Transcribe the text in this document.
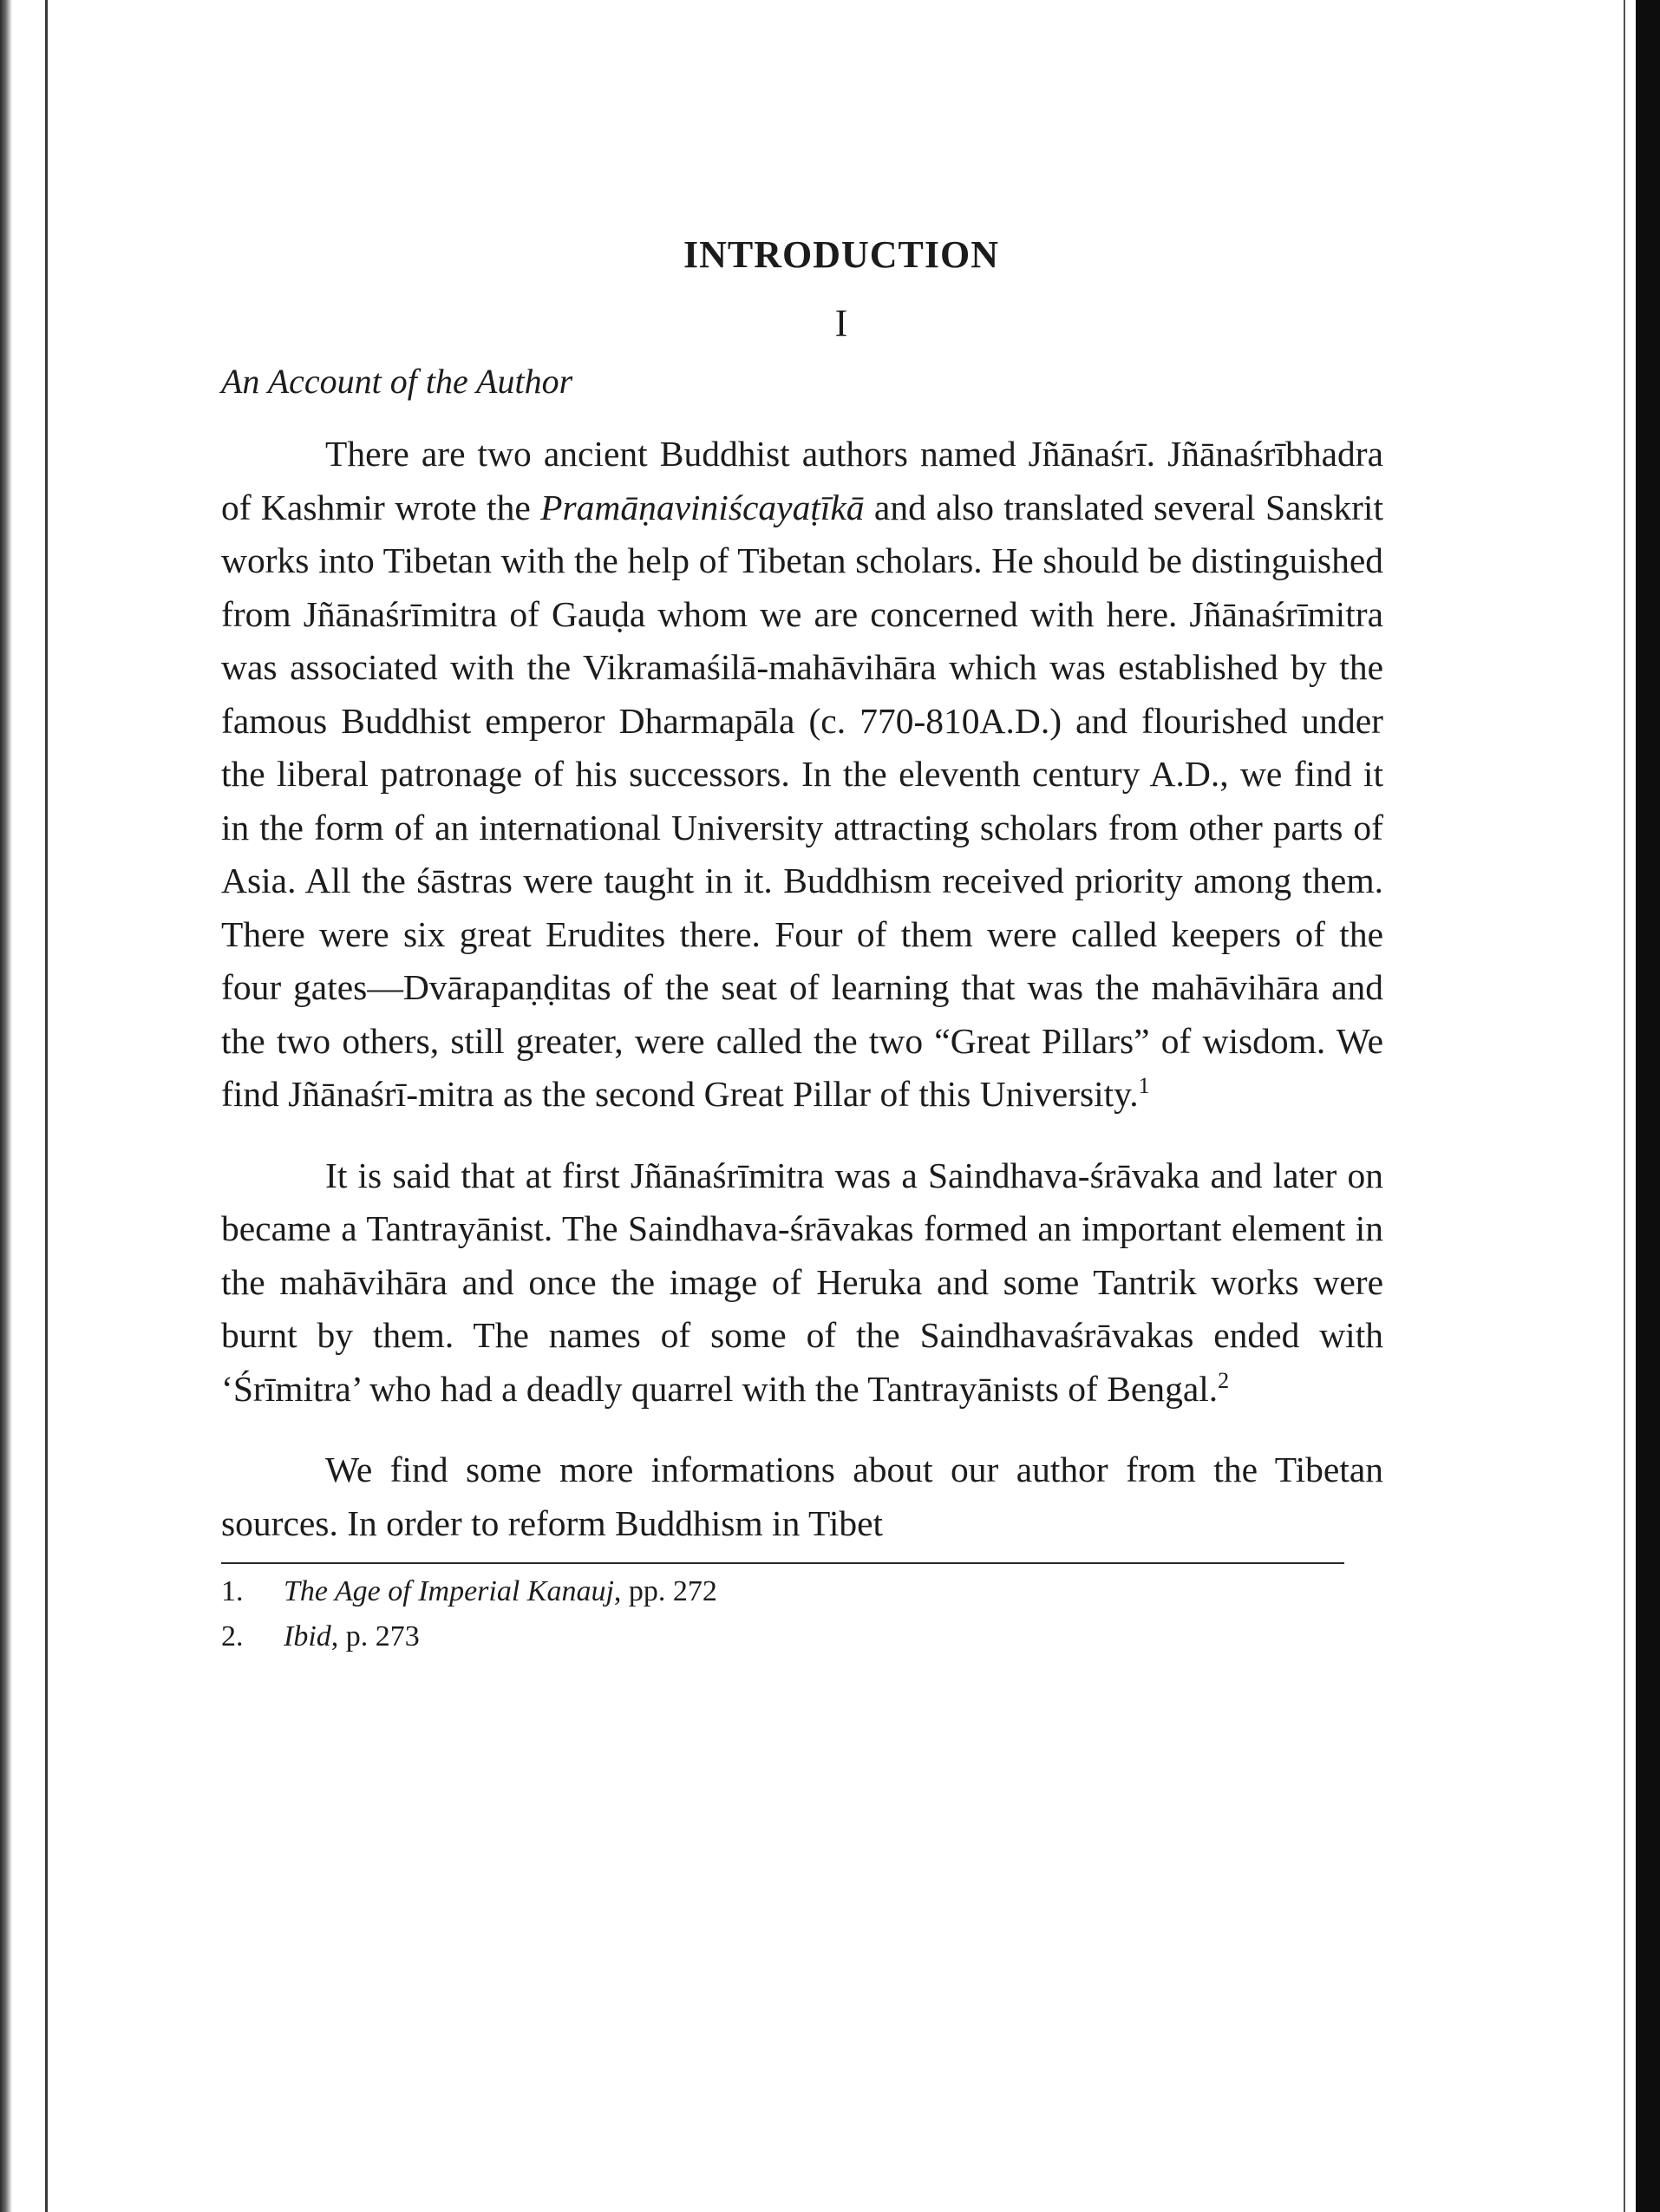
INTRODUCTION
I
An Account of the Author

There are two ancient Buddhist authors named Jñānaśrī. Jñānaśrībhadra of Kashmir wrote the Pramāṇaviniścayaṭīkā and also translated several Sanskrit works into Tibetan with the help of Tibetan scholars. He should be distinguished from Jñānaśrīmitra of Gauḍa whom we are concerned with here. Jñānaśrīmitra was associated with the Vikramaśilā-mahāvihāra which was established by the famous Buddhist emperor Dharmapāla (c. 770-810A.D.) and flourished under the liberal patronage of his successors. In the eleventh century A.D., we find it in the form of an international University attracting scholars from other parts of Asia. All the śāstras were taught in it. Buddhism received priority among them. There were six great Erudites there. Four of them were called keepers of the four gates—Dvārapaṇḍitas of the seat of learning that was the mahāvihāra and the two others, still greater, were called the two “Great Pillars” of wisdom. We find Jñānaśrī-mitra as the second Great Pillar of this University.$^1$

It is said that at first Jñānaśrīmitra was a Saindhava-śrāvaka and later on became a Tantrayānist. The Saindhava-śrāvakas formed an important element in the mahāvihāra and once the image of Heruka and some Tantrik works were burnt by them. The names of some of the Saindhavaśrāvakas ended with ‘Śrīmitra’ who had a deadly quarrel with the Tantrayānists of Bengal.$^2$

We find some more informations about our author from the Tibetan sources. In order to reform Buddhism in Tibet

1.	The Age of Imperial Kanauj, pp. 272
2.	Ibid, p. 273
